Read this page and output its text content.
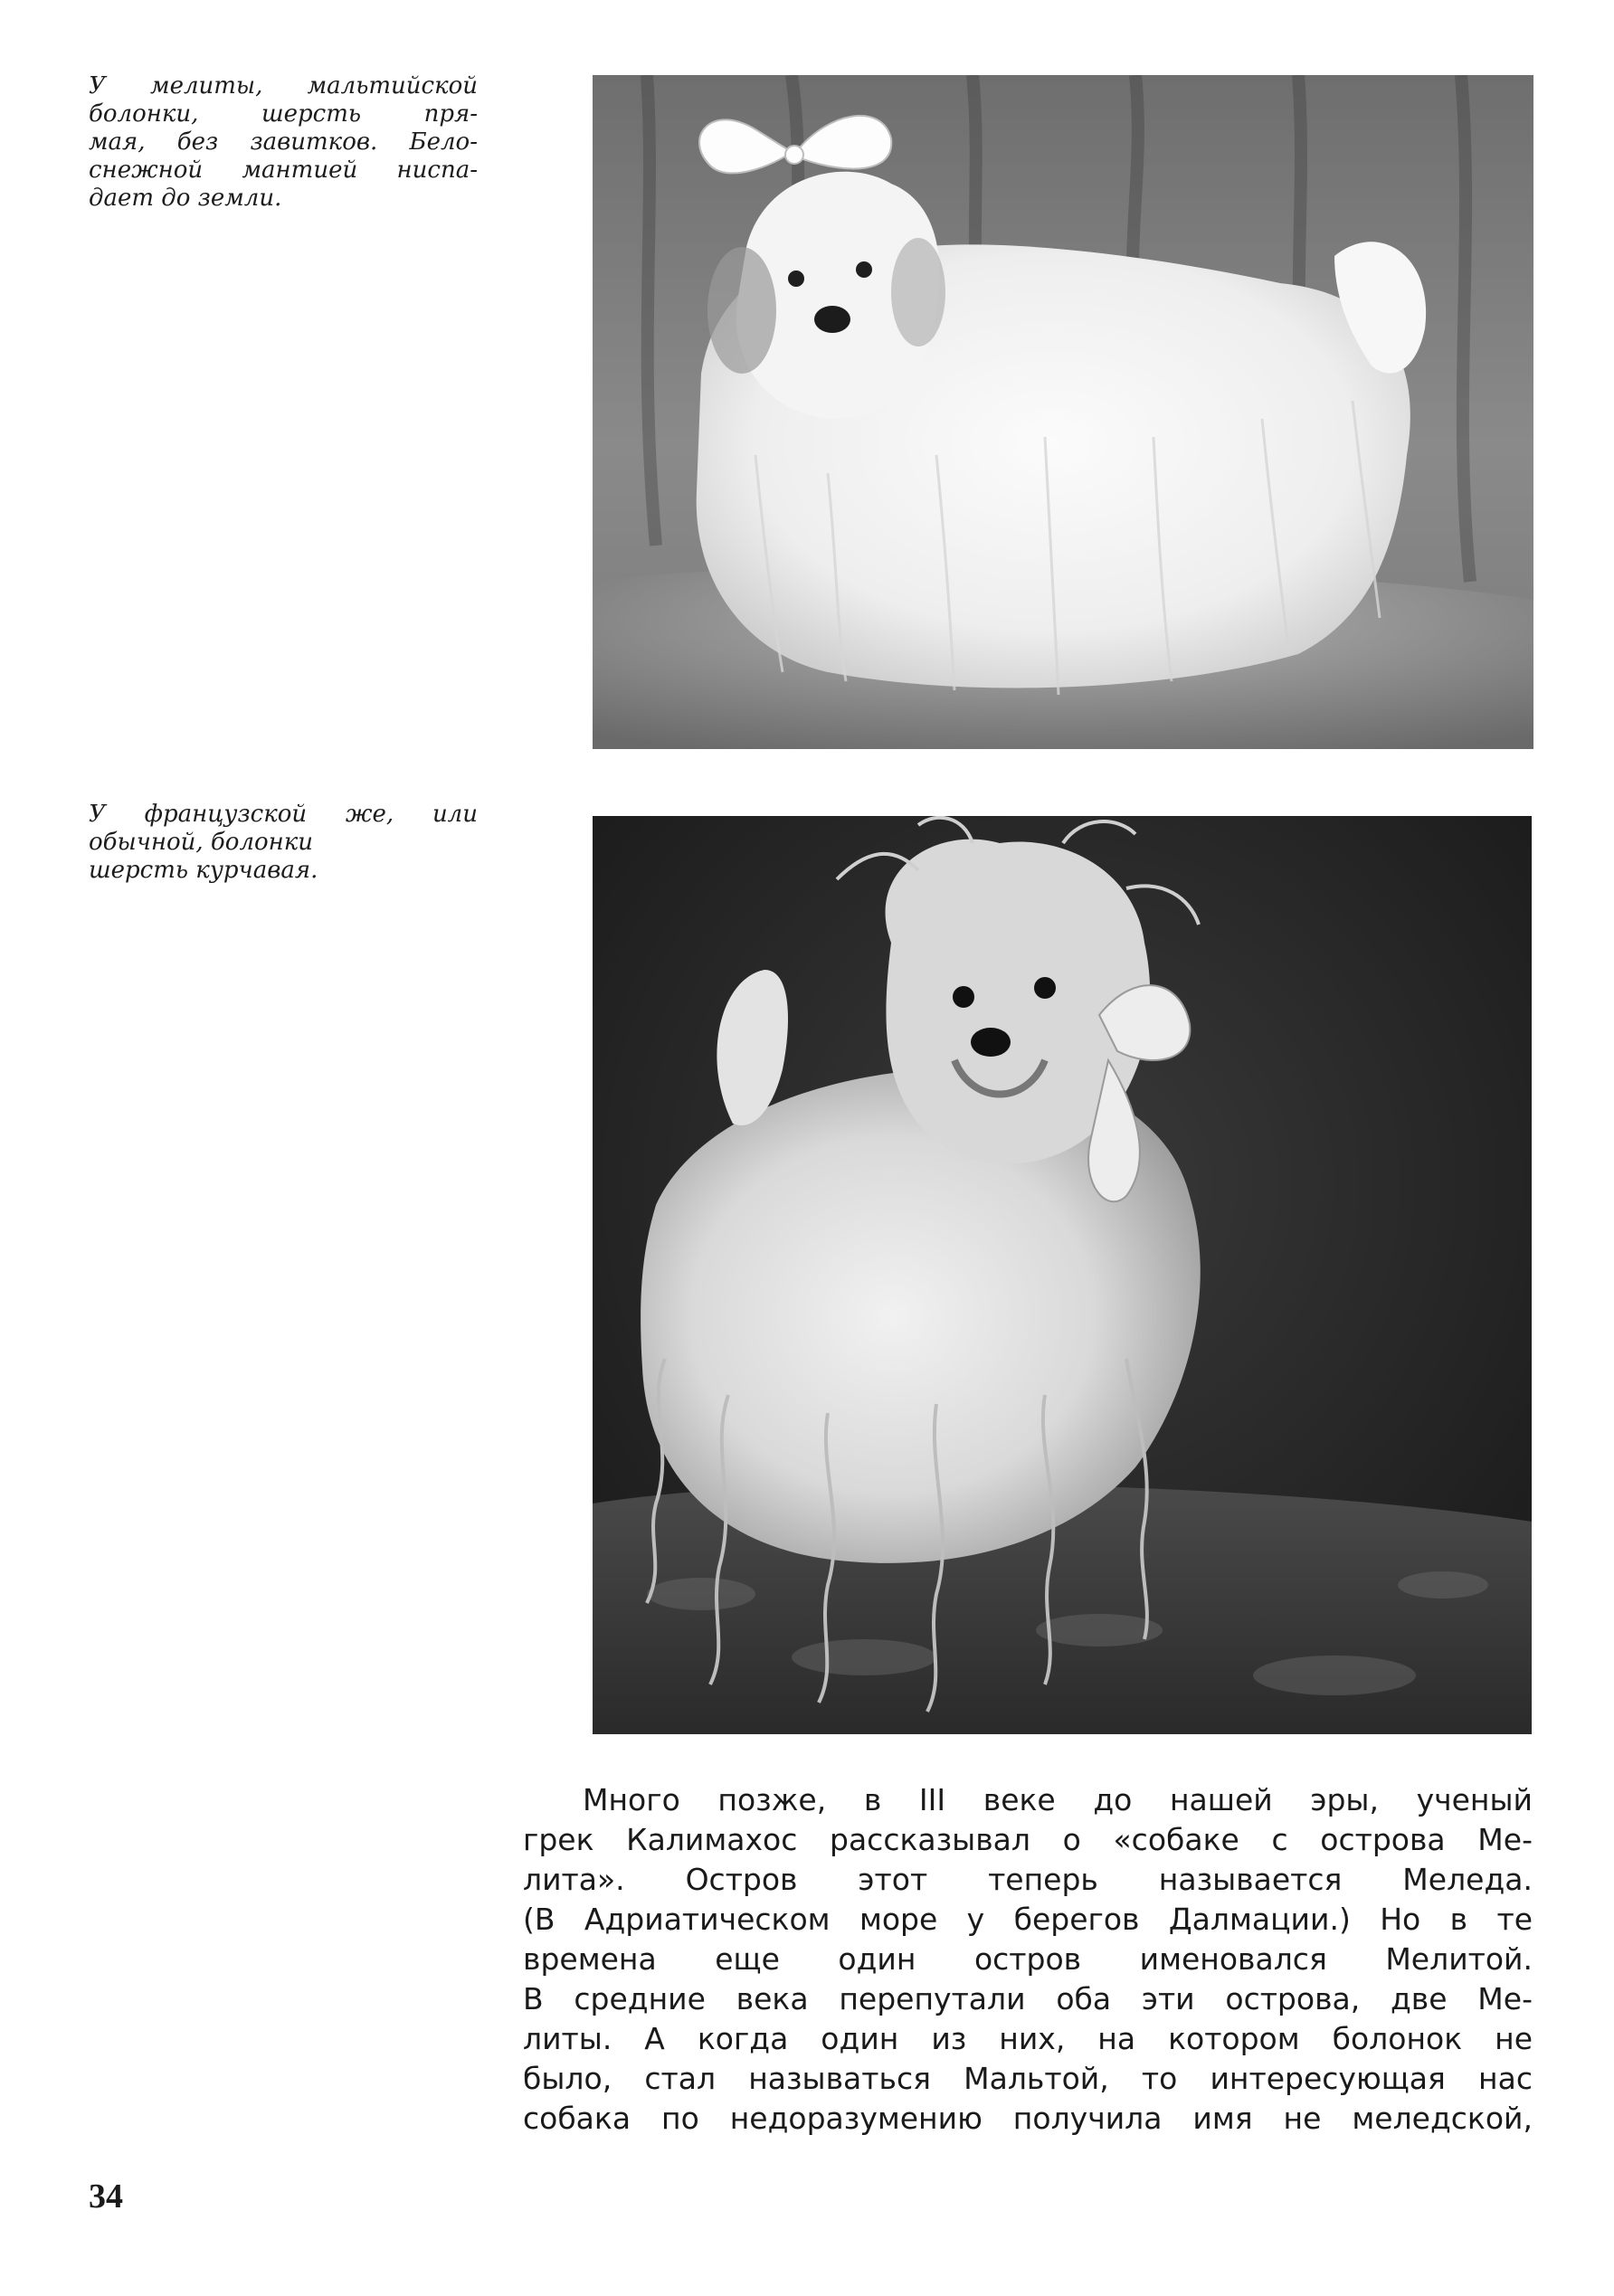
У мелиты, мальтийской
болонки, шерсть пря-
мая, без завитков. Бело-
снежной мантией ниспа-
дает до земли.
У французской же, или
обычной, болонки
шерсть курчавая.
Много позже, в III веке до нашей эры, ученый
грек Калимахос рассказывал о «собаке с острова Ме-
лита». Остров этот теперь называется Меледа.
(В Адриатическом море у берегов Далмации.) Но в те
времена еще один остров именовался Мелитой.
В средние века перепутали оба эти острова, две Ме-
литы. А когда один из них, на котором болонок не
было, стал называться Мальтой, то интересующая нас
собака по недоразумению получила имя не меледской,
34
